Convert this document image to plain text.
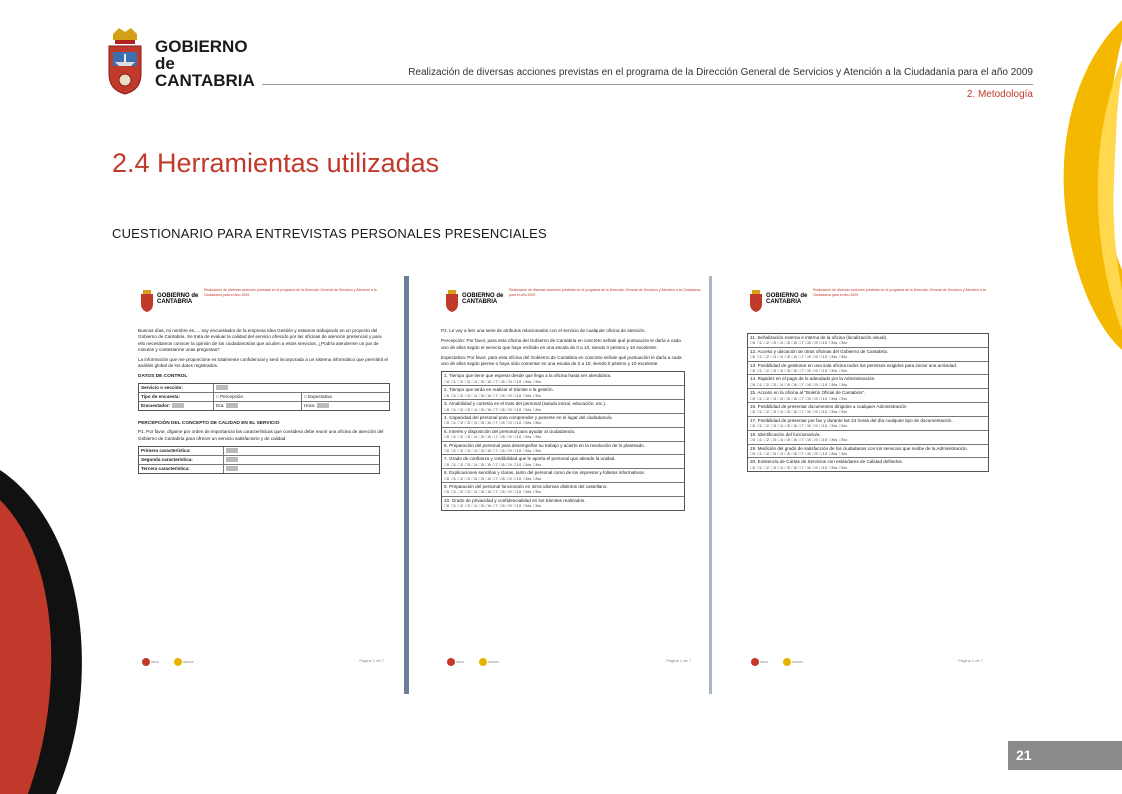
GOBIERNO
de
CANTABRIA	Realización de diversas acciones previstas en el programa de la Dirección General de Servicios y Atención a la Ciudadanía para el año 2009
2. Metodología
2.4 Herramientas utilizadas
CUESTIONARIO PARA ENTREVISTAS PERSONALES PRESENCIALES
GOBIERNO de CANTABRIA
Realización de diversas acciones previstas en el programa de la Dirección General de Servicios y Atención a la Ciudadanía para el año 2009

Buenos días, mi nombre es..... soy encuestador de la empresa Idea Gestión y estamos trabajando en un proyecto del Gobierno de Cantabria. Se trata de evaluar la calidad del servicio ofrecido por las oficinas de atención presencial y para ello necesitamos conocer la opinión de los ciudadanos/as que acuden a estos servicios. ¿Podría atenderme un par de minutos y contestarme unas preguntas?

La información que me proporcione es totalmente confidencial y será incorporada a un sistema informático que permitirá el análisis global de los datos registrados.

DATOS DE CONTROL
Servicio o sección:
Tipo de encuesta:	□ Percepción	□ Expectativa
Encuestador:	Día:	Hora:
PERCEPCIÓN DEL CONCEPTO DE CALIDAD EN EL SERVICIO

P1. Por favor, dígame por orden de importancia las características que considera debe reunir una oficina de atención del Gobierno de Cantabria para ofrecer un servicio satisfactorio y de calidad.

Primera característica:
Segunda característica:
Tercera característica:
idea	saova	Página 1 de 7
GOBIERNO de CANTABRIA
Realización de diversas acciones previstas en el programa de la Dirección General de Servicios y Atención a la Ciudadanía para el año 2009

P2. Le voy a leer una serie de atributos relacionados con el servicio de cualquier oficina de atención.

Percepción: Por favor, para esta oficina del Gobierno de Cantabria en concreto señale qué puntuación le daría a cada uno de ellos según el servicio que haya recibido en una escala de 0 a 10, siendo 0 pésimo y 10 excelente.

Expectativa: Por favor, para esta oficina del Gobierno de Cantabria en concreto señale qué puntuación le daría a cada uno de ellos según piense o haya oído comentar en una escala de 0 a 10, siendo 0 pésimo y 10 excelente.

1. Tiempo que tiene que esperar desde que llega a la oficina hasta ser atendido/a.
□0 □1 □2 □3 □4 □5 □6 □7 □8 □9 □10 □Ns □Nc
2. Tiempo que tarda en realizar el trámite o la gestión.
□0 □1 □2 □3 □4 □5 □6 □7 □8 □9 □10 □Ns □Nc
3. Amabilidad y cortesía en el trato del personal (saludo inicial, educación, etc.).
□0 □1 □2 □3 □4 □5 □6 □7 □8 □9 □10 □Ns □Nc
4. Capacidad del personal para comprender y ponerse en el lugar del ciudadano/a.
□0 □1 □2 □3 □4 □5 □6 □7 □8 □9 □10 □Ns □Nc
5. Interés y disposición del personal para ayudar al ciudadano/a.
□0 □1 □2 □3 □4 □5 □6 □7 □8 □9 □10 □Ns □Nc
6. Preparación del personal para desempeñar su trabajo y acierto en la resolución de lo planteado.
□0 □1 □2 □3 □4 □5 □6 □7 □8 □9 □10 □Ns □Nc
7. Grado de confianza y credibilidad que le aporta el personal que atiende la unidad.
□0 □1 □2 □3 □4 □5 □6 □7 □8 □9 □10 □Ns □Nc
8. Explicaciones sencillas y claras, tanto del personal como de los impresos y folletos informativos.
□0 □1 □2 □3 □4 □5 □6 □7 □8 □9 □10 □Ns □Nc
9. Preparación del personal funcionario en otros idiomas distintos del castellano.
□0 □1 □2 □3 □4 □5 □6 □7 □8 □9 □10 □Ns □Nc
10. Grado de privacidad y confidencialidad en los trámites realizados.
□0 □1 □2 □3 □4 □5 □6 □7 □8 □9 □10 □Ns □Nc
idea	saova	Página 1 de 7
GOBIERNO de CANTABRIA
Realización de diversas acciones previstas en el programa de la Dirección General de Servicios y Atención a la Ciudadanía para el año 2009
11. Señalización externa e interna de la oficina (localización visual).
□0 □1 □2 □3 □4 □5 □6 □7 □8 □9 □10 □Ns □Nc
12. Acceso y ubicación de otras oficinas del Gobierno de Cantabria.
□0 □1 □2 □3 □4 □5 □6 □7 □8 □9 □10 □Ns □Nc
13. Posibilidad de gestionar en una sola oficina todos los permisos exigidos para iniciar una actividad.
□0 □1 □2 □3 □4 □5 □6 □7 □8 □9 □10 □Ns □Nc
14. Rapidez en el pago de lo adeudado por la Administración.
□0 □1 □2 □3 □4 □5 □6 □7 □8 □9 □10 □Ns □Nc
15. Acceso en la oficina al "Boletín Oficial de Cantabria".
□0 □1 □2 □3 □4 □5 □6 □7 □8 □9 □10 □Ns □Nc
16. Posibilidad de presentar documentos dirigidos a cualquier Administración
□0 □1 □2 □3 □4 □5 □6 □7 □8 □9 □10 □Ns □Nc
17. Posibilidad de presentar por fax y durante las 24 horas del día cualquier tipo de documentación.
□0 □1 □2 □3 □4 □5 □6 □7 □8 □9 □10 □Ns □Nc
18. Identificación del funcionario/a.
□0 □1 □2 □3 □4 □5 □6 □7 □8 □9 □10 □Ns □Nc
19. Medición del grado de satisfacción de los ciudadanos con los servicios que recibe de la Administración.
□0 □1 □2 □3 □4 □5 □6 □7 □8 □9 □10 □Ns □Nc
20. Existencia de Cartas de Servicios con estándares de Calidad definidos.
□0 □1 □2 □3 □4 □5 □6 □7 □8 □9 □10 □Ns □Nc
idea	saova	Página 1 de 7
21
